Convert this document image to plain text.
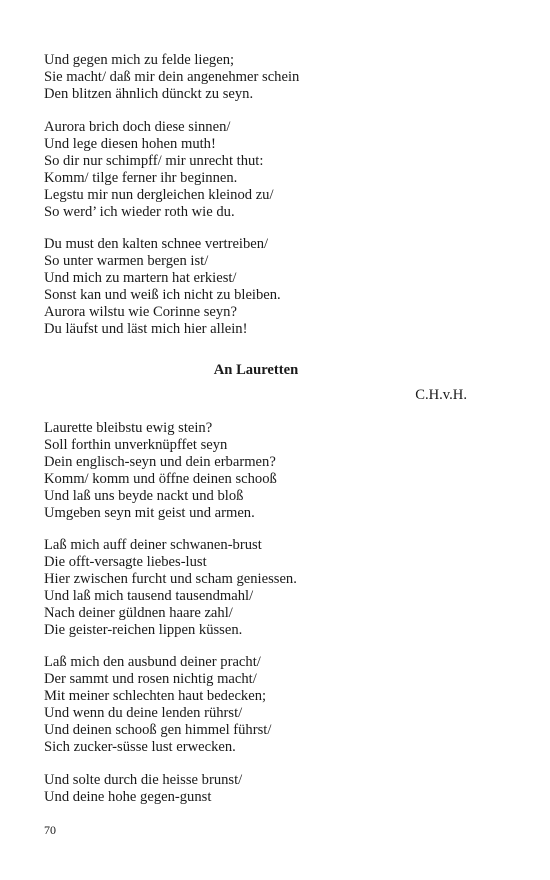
Und gegen mich zu felde liegen;
Sie macht/ daß mir dein angenehmer schein
Den blitzen ähnlich dünckt zu seyn.
Aurora brich doch diese sinnen/
Und lege diesen hohen muth!
So dir nur schimpff/ mir unrecht thut:
Komm/ tilge ferner ihr beginnen.
Legstu mir nun dergleichen kleinod zu/
So werd’ ich wieder roth wie du.
Du must den kalten schnee vertreiben/
So unter warmen bergen ist/
Und mich zu martern hat erkiest/
Sonst kan und weiß ich nicht zu bleiben.
Aurora wilstu wie Corinne seyn?
Du läufst und läst mich hier allein!
An Lauretten
C.H.v.H.
Laurette bleibstu ewig stein?
Soll forthin unverknüpffet seyn
Dein englisch-seyn und dein erbarmen?
Komm/ komm und öffne deinen schooß
Und laß uns beyde nackt und bloß
Umgeben seyn mit geist und armen.
Laß mich auff deiner schwanen-brust
Die offt-versagte liebes-lust
Hier zwischen furcht und scham geniessen.
Und laß mich tausend tausendmahl/
Nach deiner güldnen haare zahl/
Die geister-reichen lippen küssen.
Laß mich den ausbund deiner pracht/
Der sammt und rosen nichtig macht/
Mit meiner schlechten haut bedecken;
Und wenn du deine lenden rührst/
Und deinen schooß gen himmel führst/
Sich zucker-süsse lust erwecken.
Und solte durch die heisse brunst/
Und deine hohe gegen-gunst
70
